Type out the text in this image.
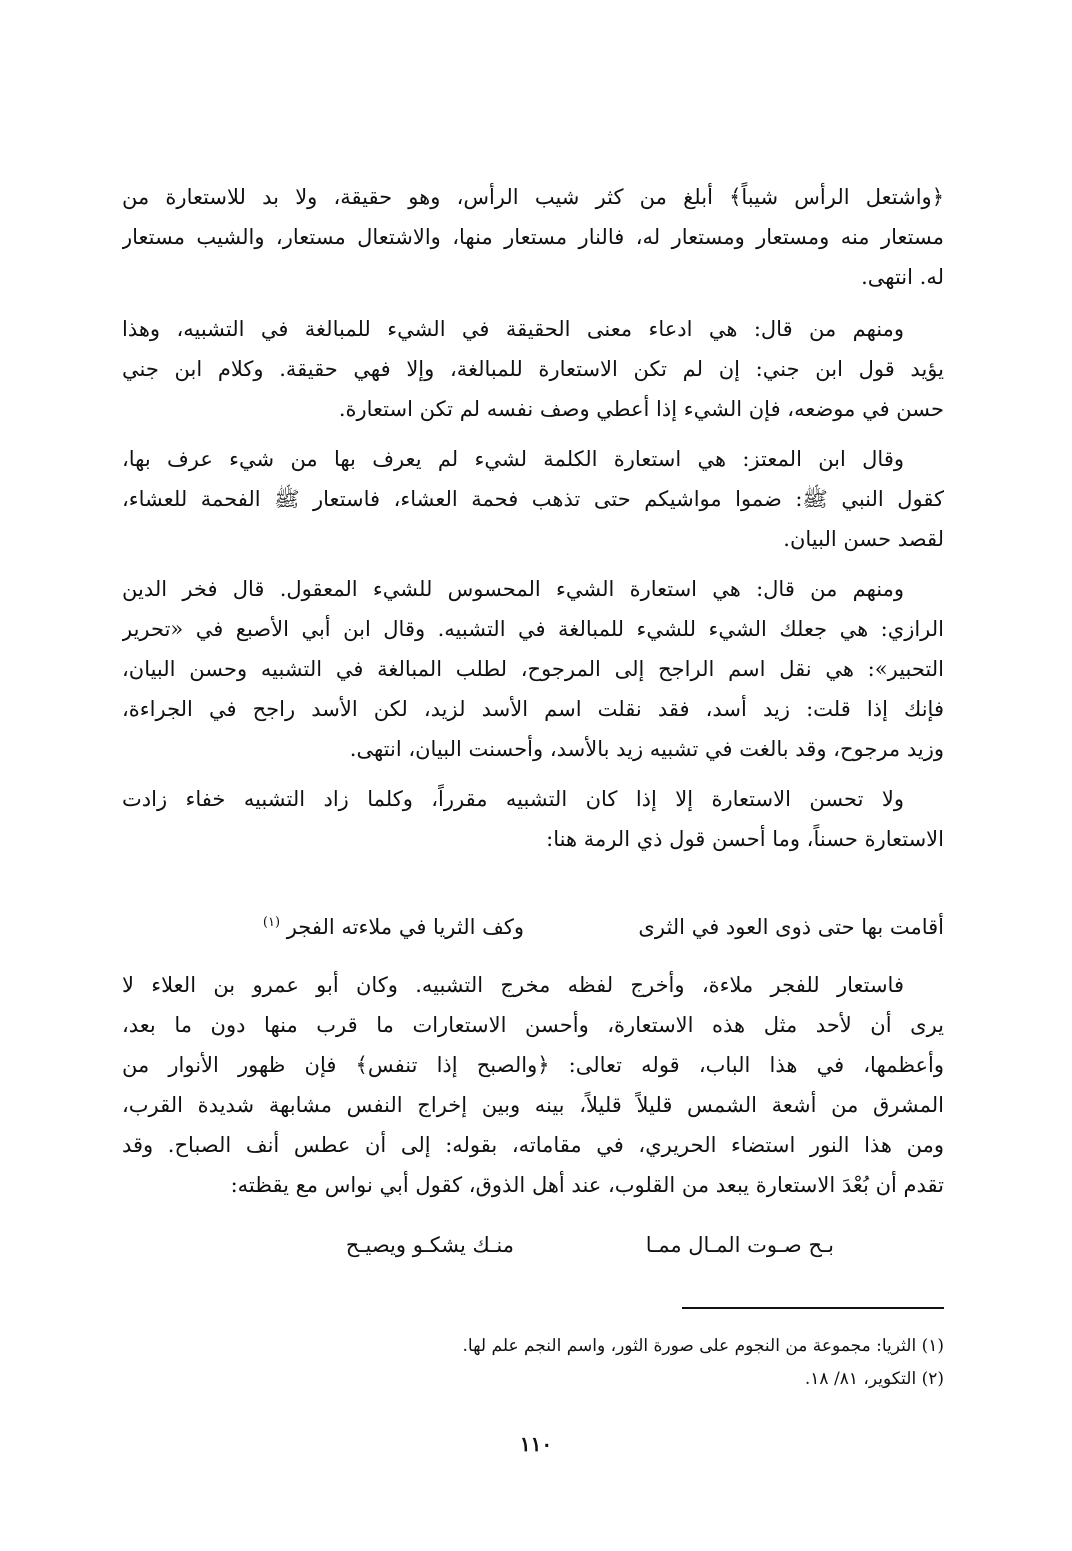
﴿واشتعل الرأس شيباً﴾ أبلغ من كثر شيب الرأس، وهو حقيقة، ولا بد للاستعارة من
مستعار منه ومستعار ومستعار له، فالنار مستعار منها، والاشتعال مستعار، والشيب مستعار
له. انتهى.
ومنهم من قال: هي ادعاء معنى الحقيقة في الشيء للمبالغة في التشبيه، وهذا
يؤيد قول ابن جني: إن لم تكن الاستعارة للمبالغة، وإلا فهي حقيقة. وكلام ابن جني
حسن في موضعه، فإن الشيء إذا أعطي وصف نفسه لم تكن استعارة.
وقال ابن المعتز: هي استعارة الكلمة لشيء لم يعرف بها من شيء عرف بها،
كقول النبي ﷺ: ضموا مواشيكم حتى تذهب فحمة العشاء، فاستعار ﷺ الفحمة للعشاء،
لقصد حسن البيان.
ومنهم من قال: هي استعارة الشيء المحسوس للشيء المعقول. قال فخر الدين
الرازي: هي جعلك الشيء للشيء للمبالغة في التشبيه. وقال ابن أبي الأصبع في «تحرير
التحبير»: هي نقل اسم الراجح إلى المرجوح، لطلب المبالغة في التشبيه وحسن البيان،
فإنك إذا قلت: زيد أسد، فقد نقلت اسم الأسد لزيد، لكن الأسد راجح في الجراءة،
وزيد مرجوح، وقد بالغت في تشبيه زيد بالأسد، وأحسنت البيان، انتهى.
ولا تحسن الاستعارة إلا إذا كان التشبيه مقرراً، وكلما زاد التشبيه خفاء زادت
الاستعارة حسناً، وما أحسن قول ذي الرمة هنا:
أقامت بها حتى ذوى العود في الثرى
وكف الثريا في ملاءته الفجر $^{(١)}$
فاستعار للفجر ملاءة، وأخرج لفظه مخرج التشبيه. وكان أبو عمرو بن العلاء لا
يرى أن لأحد مثل هذه الاستعارة، وأحسن الاستعارات ما قرب منها دون ما بعد،
وأعظمها، في هذا الباب، قوله تعالى: ﴿والصبح إذا تنفس﴾ فإن ظهور الأنوار من
المشرق من أشعة الشمس قليلاً قليلاً، بينه وبين إخراج النفس مشابهة شديدة القرب،
ومن هذا النور استضاء الحريري، في مقاماته، بقوله: إلى أن عطس أنف الصباح. وقد
تقدم أن بُعْدَ الاستعارة يبعد من القلوب، عند أهل الذوق، كقول أبي نواس مع يقظته:
بـح صـوت المـال ممـا
منـك يشكـو ويصيـح
(١) الثريا: مجموعة من النجوم على صورة الثور، واسم النجم علم لها.
(٢) التكوير، ٨١/ ١٨.
١١٠
